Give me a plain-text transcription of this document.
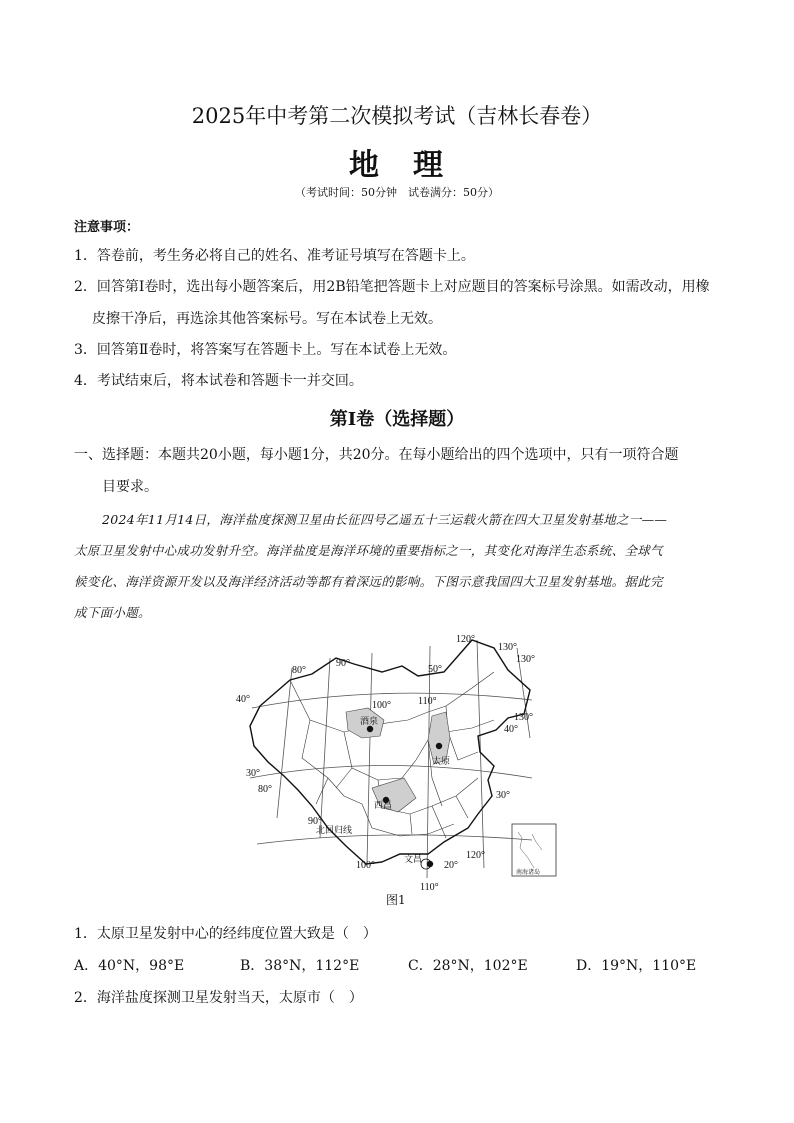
2025年中考第二次模拟考试（吉林长春卷）
地　理
（考试时间：50分钟　试卷满分：50分）
注意事项：
1．答卷前，考生务必将自己的姓名、准考证号填写在答题卡上。
2．回答第Ⅰ卷时，选出每小题答案后，用2B铅笔把答题卡上对应题目的答案标号涂黑。如需改动，用橡
皮擦干净后，再选涂其他答案标号。写在本试卷上无效。
3．回答第Ⅱ卷时，将答案写在答题卡上。写在本试卷上无效。
4．考试结束后，将本试卷和答题卡一并交回。
第Ⅰ卷（选择题）
一、选择题：本题共20小题，每小题1分，共20分。在每小题给出的四个选项中，只有一项符合题
目要求。
2024年11月14日，海洋盐度探测卫星由长征四号乙遥五十三运载火箭在四大卫星发射基地之一——
太原卫星发射中心成功发射升空。海洋盐度是海洋环境的重要指标之一，其变化对海洋生态系统、全球气
候变化、海洋资源开发以及海洋经济活动等都有着深远的影响。下图示意我国四大卫星发射基地。据此完
成下面小题。
80°
90°
100°	110°
120°
130°
80°
90°
100°
110°
120°
130°
40°
30°
50°
40°
30°
20°
130°
酒泉
太原
西昌
文昌
北回归线
南海诸岛
图1
1．太原卫星发射中心的经纬度位置大致是（　）
A．40°N，98°E	B．38°N，112°E	C．28°N，102°E	D．19°N，110°E
2．海洋盐度探测卫星发射当天，太原市（　）
